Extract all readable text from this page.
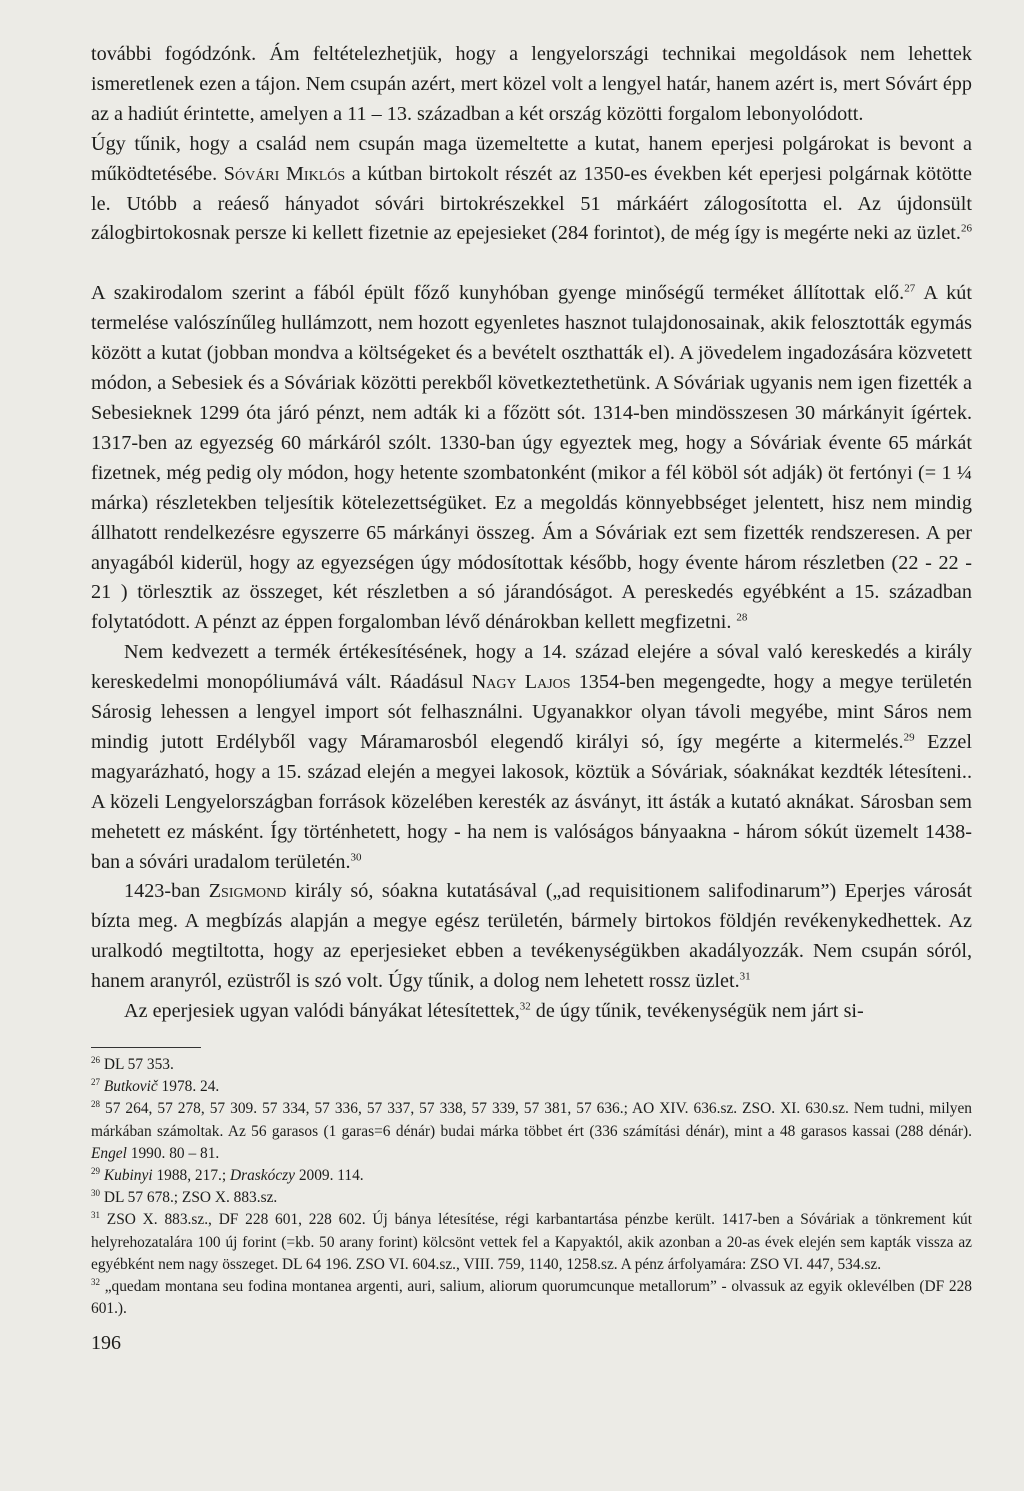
további fogódzónk. Ám feltételezhetjük, hogy a lengyelországi technikai megoldások nem lehettek ismeretlenek ezen a tájon. Nem csupán azért, mert közel volt a lengyel határ, hanem azért is, mert Sóvárt épp az a hadiút érintette, amelyen a 11 – 13. században a két ország közötti forgalom lebonyolódott.

Úgy tűnik, hogy a család nem csupán maga üzemeltette a kutat, hanem eperjesi polgárokat is bevont a működtetésébe. Sóvári Miklós a kútban birtokolt részét az 1350-es években két eperjesi polgárnak kötötte le. Utóbb a reáeső hányadot sóvári birtokrészekkel 51 márkáért zálogosította el. Az újdonsült zálogbirtokosnak persze ki kellett fizetnie az epejesieket (284 forintot), de még így is megérte neki az üzlet.$^{26}$

A szakirodalom szerint a fából épült főző kunyhóban gyenge minőségű terméket állítottak elő.$^{27}$ A kút termelése valószínűleg hullámzott, nem hozott egyenletes hasznot tulajdonosainak, akik felosztották egymás között a kutat (jobban mondva a költségeket és a bevételt oszthatták el). A jövedelem ingadozására közvetett módon, a Sebesiek és a Sóváriak közötti perekből következtethetünk. A Sóváriak ugyanis nem igen fizették a Sebesieknek 1299 óta járó pénzt, nem adták ki a főzött sót. 1314-ben mindösszesen 30 márkányit ígértek. 1317-ben az egyezség 60 márkáról szólt. 1330-ban úgy egyeztek meg, hogy a Sóváriak évente 65 márkát fizetnek, még pedig oly módon, hogy hetente szombatonként (mikor a fél köböl sót adják) öt fertónyi (= 1 ¼ márka) részletekben teljesítik kötelezettségüket. Ez a megoldás könnyebbséget jelentett, hisz nem mindig állhatott rendelkezésre egyszerre 65 márkányi összeg. Ám a Sóváriak ezt sem fizették rendszeresen. A per anyagából kiderül, hogy az egyezségen úgy módosítottak később, hogy évente három részletben (22 - 22 - 21 ) törlesztik az összeget, két részletben a só járandóságot. A pereskedés egyébként a 15. században folytatódott. A pénzt az éppen forgalomban lévő dénárokban kellett megfizetni. $^{28}$

Nem kedvezett a termék értékesítésének, hogy a 14. század elejére a sóval való kereskedés a király kereskedelmi monopóliumává vált. Ráadásul Nagy Lajos 1354-ben megengedte, hogy a megye területén Sárosig lehessen a lengyel import sót felhasználni. Ugyanakkor olyan távoli megyébe, mint Sáros nem mindig jutott Erdélyből vagy Máramarosból elegendő királyi só, így megérte a kitermelés.$^{29}$ Ezzel magyarázható, hogy a 15. század elején a megyei lakosok, köztük a Sóváriak, sóaknákat kezdték létesíteni.. A közeli Lengyelországban források közelében keresték az ásványt, itt ásták a kutató aknákat. Sárosban sem mehetett ez másként. Így történhetett, hogy - ha nem is valóságos bányaakna - három sókút üzemelt 1438-ban a sóvári uradalom területén.$^{30}$

1423-ban Zsigmond király só, sóakna kutatásával („ad requisitionem salifodinarum”) Eperjes városát bízta meg. A megbízás alapján a megye egész területén, bármely birtokos földjén revékenykedhettek. Az uralkodó megtiltotta, hogy az eperjesieket ebben a tevékenységükben akadályozzák. Nem csupán sóról, hanem aranyról, ezüstről is szó volt. Úgy tűnik, a dolog nem lehetett rossz üzlet.$^{31}$

Az eperjesiek ugyan valódi bányákat létesítettek,$^{32}$ de úgy tűnik, tevékenységük nem járt si-

$^{26}$ DL 57 353.

$^{27}$ Butkovič 1978. 24.

$^{28}$ 57 264, 57 278, 57 309. 57 334, 57 336, 57 337, 57 338, 57 339, 57 381, 57 636.; AO XIV. 636.sz. ZSO. XI. 630.sz. Nem tudni, milyen márkában számoltak. Az 56 garasos (1 garas=6 dénár) budai márka többet ért (336 számítási dénár), mint a 48 garasos kassai (288 dénár). Engel 1990. 80 – 81.

$^{29}$ Kubinyi 1988, 217.; Draskóczy 2009. 114.

$^{30}$ DL 57 678.; ZSO X. 883.sz.

$^{31}$ ZSO X. 883.sz., DF 228 601, 228 602. Új bánya létesítése, régi karbantartása pénzbe került. 1417-ben a Sóváriak a tönkrement kút helyrehozatalára 100 új forint (=kb. 50 arany forint) kölcsönt vettek fel a Kapyaktól, akik azonban a 20-as évek elején sem kapták vissza az egyébként nem nagy összeget. DL 64 196. ZSO VI. 604.sz., VIII. 759, 1140, 1258.sz. A pénz árfolyamára: ZSO VI. 447, 534.sz.

$^{32}$ „quedam montana seu fodina montanea argenti, auri, salium, aliorum quorumcunque metallorum” - olvassuk az egyik oklevélben (DF 228 601.).

196
